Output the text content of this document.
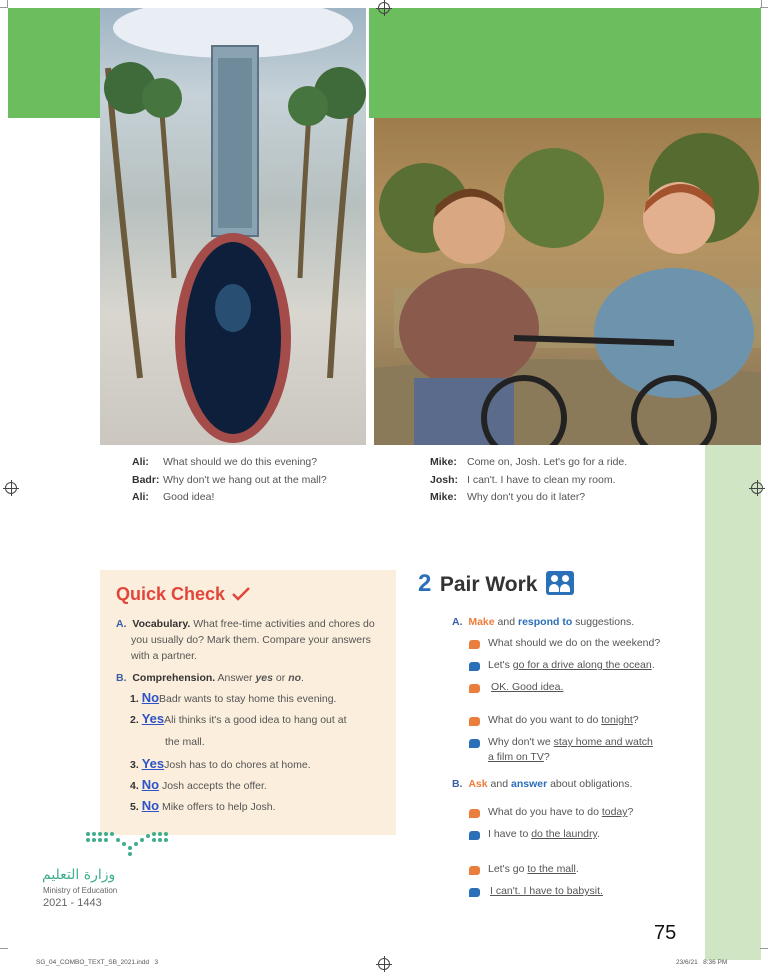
Ali: What should we do this evening?
Badr: Why don't we hang out at the mall?
Ali: Good idea!
Mike: Come on, Josh. Let's go for a ride.
Josh: I can't. I have to clean my room.
Mike: Why don't you do it later?
Quick Check
A. Vocabulary. What free-time activities and chores do
you usually do? Mark them. Compare your answers
with a partner.
B. Comprehension. Answer yes or no.
1. NoBadr wants to stay home this evening.
2. YesAli thinks it's a good idea to hang out at
the mall.
3. YesJosh has to do chores at home.
4. No Josh accepts the offer.
5. No Mike offers to help Josh.
2 Pair Work
A. Make and respond to suggestions.
What should we do on the weekend?
Let's go for a drive along the ocean.
OK. Good idea.
What do you want to do tonight?
Why don't we stay home and watch
a film on TV?
B. Ask and answer about obligations.
What do you have to do today?
I have to do the laundry.
Let's go to the mall.
I can't. I have to babysit.
وزارة التعليم
Ministry of Education
2021 - 1443
75
SG_04_COMBO_TEXT_SB_2021.indd   3	23/6/21   8:36 PM
